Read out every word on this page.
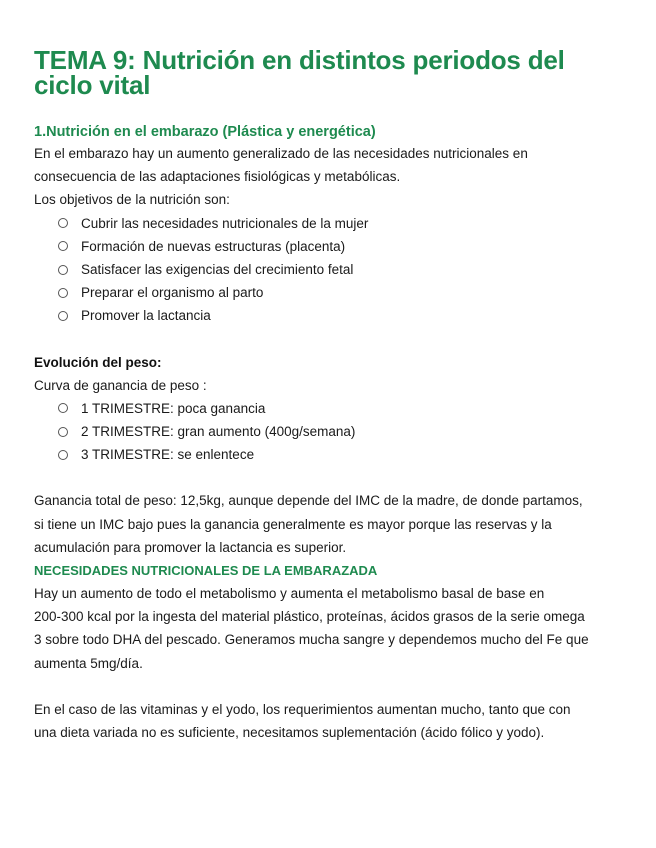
TEMA 9: Nutrición en distintos periodos del ciclo vital
1.Nutrición en el embarazo (Plástica y energética)

En el embarazo hay un aumento generalizado de las necesidades nutricionales en

consecuencia de las adaptaciones fisiológicas y metabólicas.

Los objetivos de la nutrición son:

Cubrir las necesidades nutricionales de la mujer
Formación de nuevas estructuras (placenta)
Satisfacer las exigencias del crecimiento fetal
Preparar el organismo al parto
Promover la lactancia
Evolución del peso:

Curva de ganancia de peso :

1 TRIMESTRE: poca ganancia
2 TRIMESTRE: gran aumento (400g/semana)
3 TRIMESTRE: se enlentece

Ganancia total de peso: 12,5kg, aunque depende del IMC de la madre, de donde partamos,

si tiene un IMC bajo pues la ganancia generalmente es mayor porque las reservas y la

acumulación para promover la lactancia es superior.

NECESIDADES NUTRICIONALES DE LA EMBARAZADA

Hay un aumento de todo el metabolismo y aumenta el metabolismo basal de base en

200-300 kcal por la ingesta del material plástico, proteínas, ácidos grasos de la serie omega

3 sobre todo DHA del pescado. Generamos mucha sangre y dependemos mucho del Fe que

aumenta 5mg/día.

En el caso de las vitaminas y el yodo, los requerimientos aumentan mucho, tanto que con

una dieta variada no es suficiente, necesitamos suplementación (ácido fólico y yodo).
